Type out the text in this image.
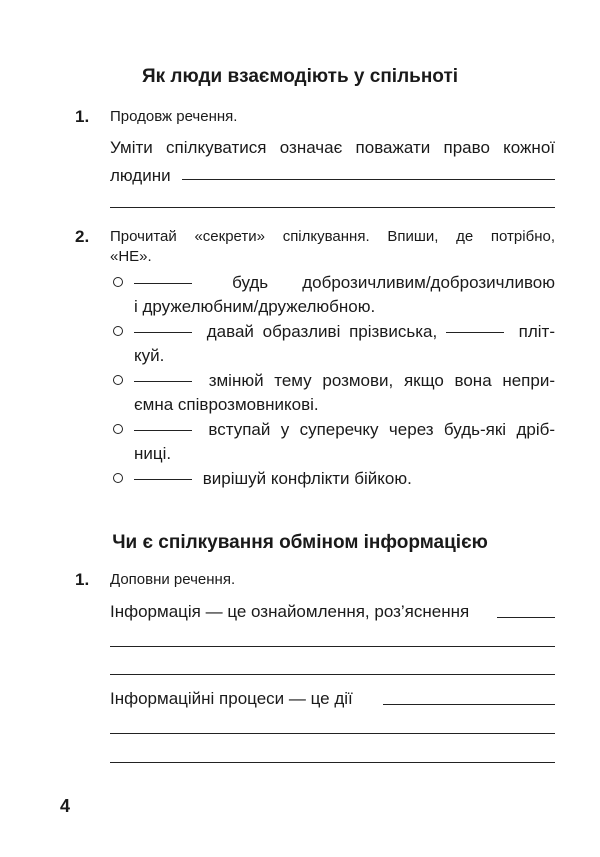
Як люди взаємодіють у спільноті
1. Продовж речення.
Уміти спілкуватися означає поважати право кожної
людини
2. Прочитай «секрети» спілкування. Впиши, де потрібно,
«НЕ».
будь доброзичливим/доброзичливою
і дружелюбним/дружелюбною.
давай образливі прізвиська,	пліт-
куй.
змінюй тему розмови, якщо вона непри-
ємна співрозмовникові.
вступай у суперечку через будь-які дріб-
ниці.
вирішуй конфлікти бійкою.
Чи є спілкування обміном інформацією
1. Доповни речення.
Інформація — це ознайомлення, роз’яснення
Інформаційні процеси — це дії
4
